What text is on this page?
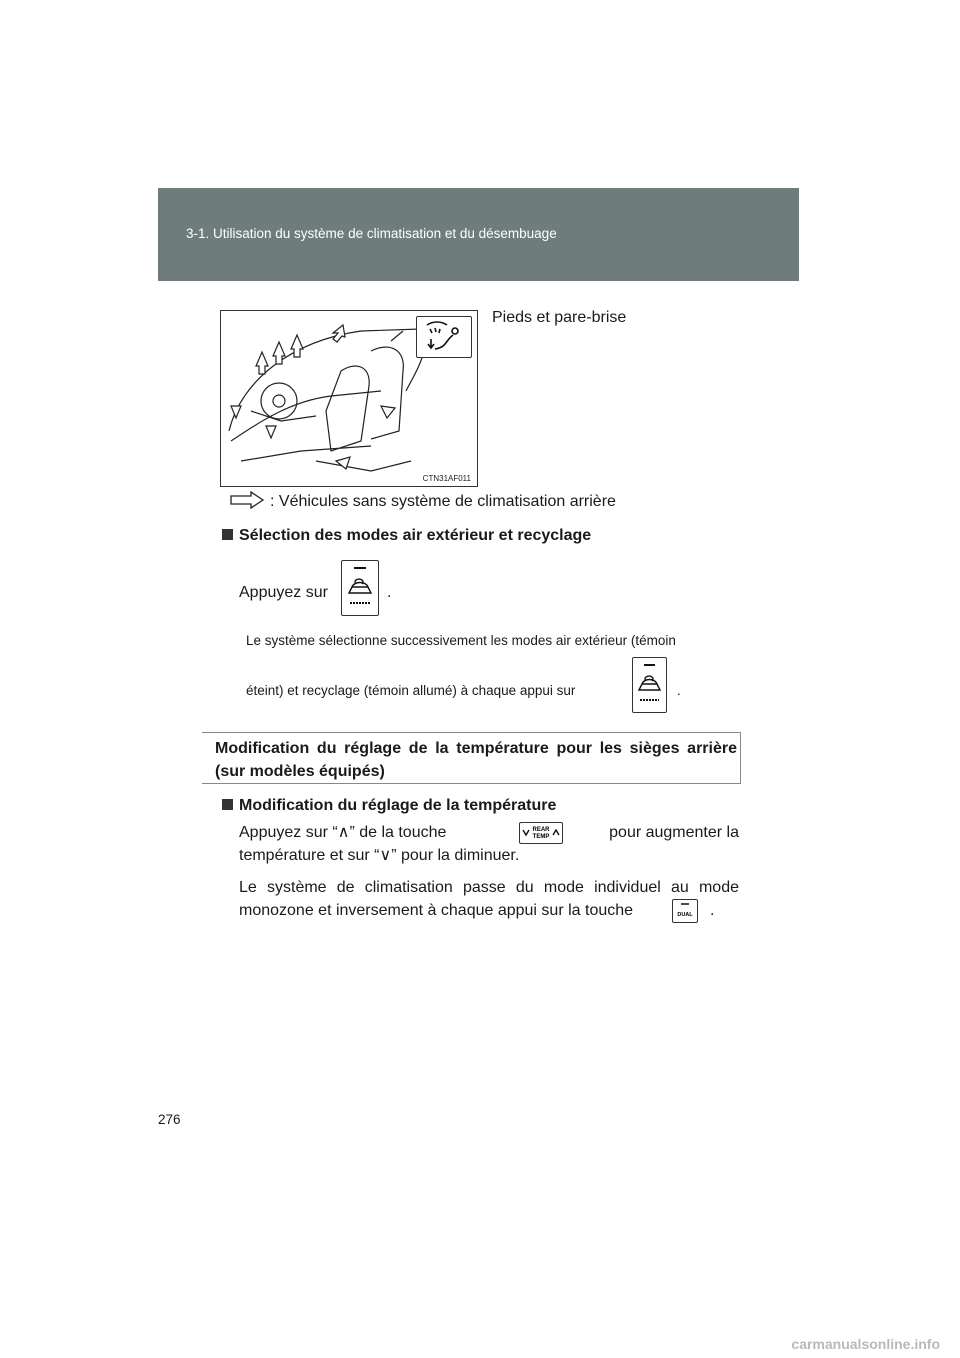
3-1. Utilisation du système de climatisation et du désembuage
CTN31AF011
Pieds et pare-brise
: Véhicules sans système de climatisation arrière
Sélection des modes air extérieur et recyclage
Appuyez sur	.
Le système sélectionne successivement les modes air extérieur (témoin
éteint) et recyclage (témoin allumé) à chaque appui sur	.
Modification du réglage de la température pour les sièges arrière
(sur modèles équipés)
Modification du réglage de la température
Appuyez sur “∧” de la touche	pour augmenter la
température et sur “∨” pour la diminuer.
REAR
TEMP
Le système de climatisation passe du mode individuel au mode
monozone et inversement à chaque appui sur la touche	DUAL .
276
carmanualsonline.info
